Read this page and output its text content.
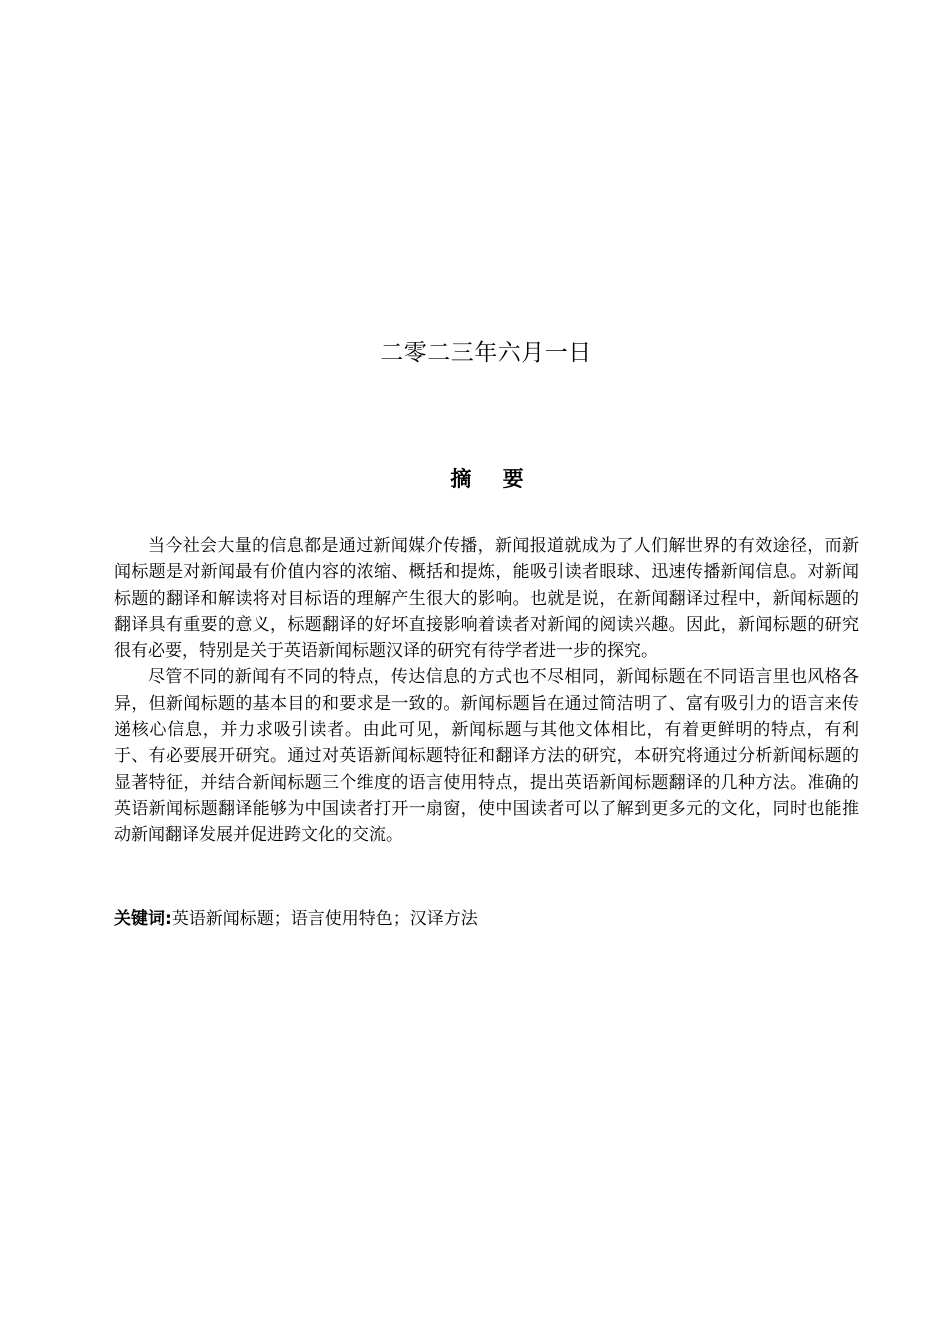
二零二三年六月一日
摘 要

当今社会大量的信息都是通过新闻媒介传播，新闻报道就成为了人们解世界的有效途径，而新闻标题是对新闻最有价值内容的浓缩、概括和提炼，能吸引读者眼球、迅速传播新闻信息。对新闻标题的翻译和解读将对目标语的理解产生很大的影响。也就是说，在新闻翻译过程中，新闻标题的翻译具有重要的意义，标题翻译的好坏直接影响着读者对新闻的阅读兴趣。因此，新闻标题的研究很有必要，特别是关于英语新闻标题汉译的研究有待学者进一步的探究。

尽管不同的新闻有不同的特点，传达信息的方式也不尽相同，新闻标题在不同语言里也风格各异，但新闻标题的基本目的和要求是一致的。新闻标题旨在通过简洁明了、富有吸引力的语言来传递核心信息，并力求吸引读者。由此可见，新闻标题与其他文体相比，有着更鲜明的特点，有利于、有必要展开研究。通过对英语新闻标题特征和翻译方法的研究，本研究将通过分析新闻标题的显著特征，并结合新闻标题三个维度的语言使用特点，提出英语新闻标题翻译的几种方法。准确的英语新闻标题翻译能够为中国读者打开一扇窗，使中国读者可以了解到更多元的文化，同时也能推动新闻翻译发展并促进跨文化的交流。

关键词:英语新闻标题；语言使用特色；汉译方法
